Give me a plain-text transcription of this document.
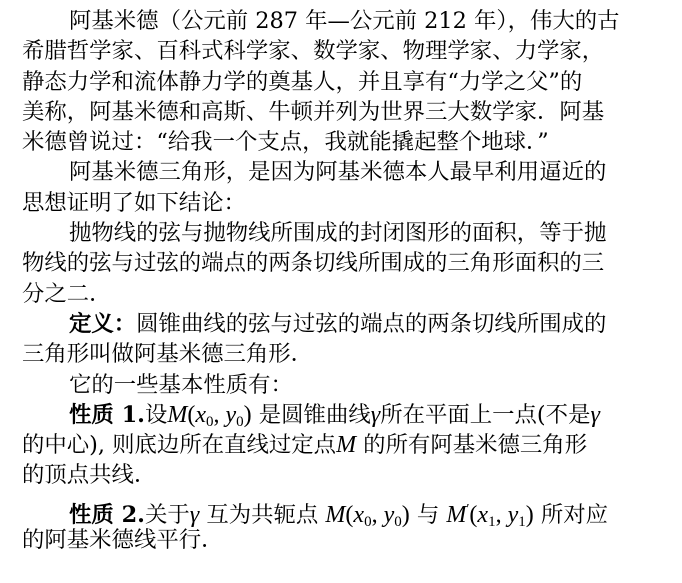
阿基米德（公元前 287 年—公元前 212 年），伟大的古
希腊哲学家、百科式科学家、数学家、物理学家、力学家，
静态力学和流体静力学的奠基人，并且享有“力学之父”的
美称，阿基米德和高斯、牛顿并列为世界三大数学家．阿基
米德曾说过：“给我一个支点，我就能撬起整个地球．”
阿基米德三角形，是因为阿基米德本人最早利用逼近的
思想证明了如下结论：
抛物线的弦与抛物线所围成的封闭图形的面积，等于抛
物线的弦与过弦的端点的两条切线所围成的三角形面积的三
分之二．
定义：圆锥曲线的弦与过弦的端点的两条切线所围成的
三角形叫做阿基米德三角形．
它的一些基本性质有：
性质 1.设$M(x_0$, $y_0$) 是圆锥曲线γ所在平面上一点(不是γ
的中心), 则底边所在直线过定点M 的所有阿基米德三角形
的顶点共线．
性质 2.关于γ 互为共轭点 $M(x_0$, $y_0$) 与 $M'(x_1$, $y_1$) 所对应
的阿基米德线平行．
